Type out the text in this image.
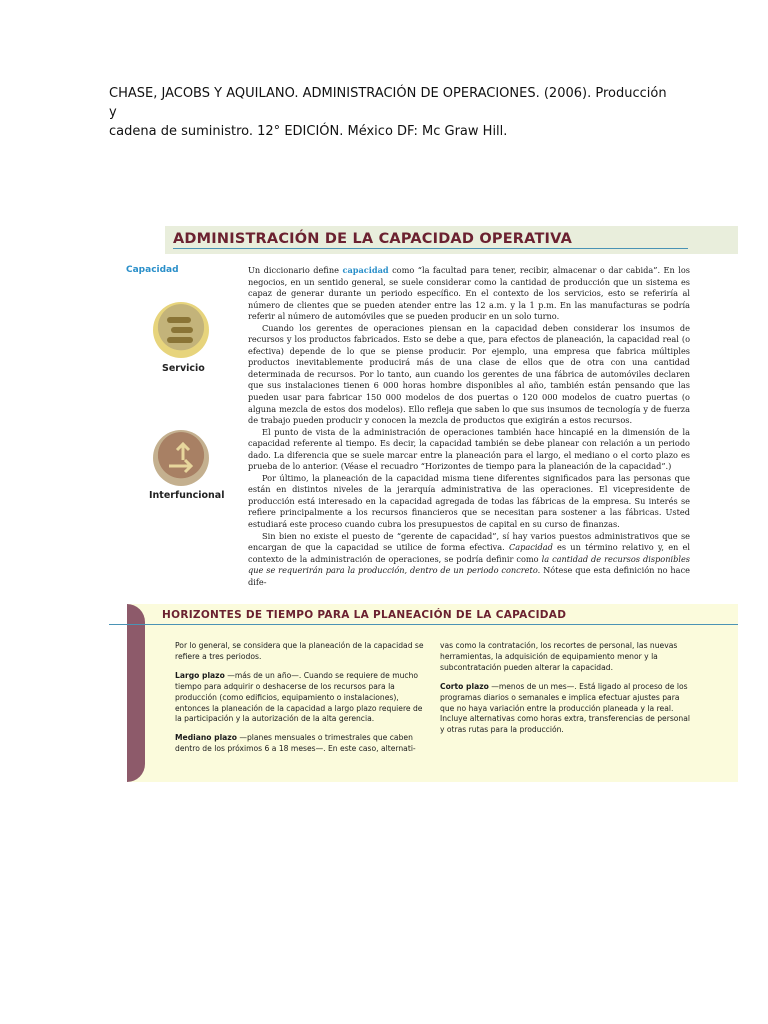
CHASE, JACOBS Y AQUILANO. ADMINISTRACIÓN DE OPERACIONES. (2006). Producción y
cadena de suministro. 12° EDICIÓN. México DF: Mc Graw Hill.
ADMINISTRACIÓN DE LA CAPACIDAD OPERATIVA
Capacidad
Servicio
Interfuncional

Un diccionario define capacidad como “la facultad para tener, recibir, almacenar o dar cabida”. En los negocios, en un sentido general, se suele considerar como la cantidad de producción que un sistema es capaz de generar durante un periodo específico. En el contexto de los servicios, esto se referiría al número de clientes que se pueden atender entre las 12 a.m. y la 1 p.m. En las manufacturas se podría referir al número de automóviles que se pueden producir en un solo turno.

Cuando los gerentes de operaciones piensan en la capacidad deben considerar los insumos de recursos y los productos fabricados. Esto se debe a que, para efectos de planeación, la capacidad real (o efectiva) depende de lo que se piense producir. Por ejemplo, una empresa que fabrica múltiples productos inevitablemente producirá más de una clase de ellos que de otra con una cantidad determinada de recursos. Por lo tanto, aun cuando los gerentes de una fábrica de automóviles declaren que sus instalaciones tienen 6 000 horas hombre disponibles al año, también están pensando que las pueden usar para fabricar 150 000 modelos de dos puertas o 120 000 modelos de cuatro puertas (o alguna mezcla de estos dos modelos). Ello refleja que saben lo que sus insumos de tecnología y de fuerza de trabajo pueden producir y conocen la mezcla de productos que exigirán a estos recursos.

El punto de vista de la administración de operaciones también hace hincapié en la dimensión de la capacidad referente al tiempo. Es decir, la capacidad también se debe planear con relación a un periodo dado. La diferencia que se suele marcar entre la planeación para el largo, el mediano o el corto plazo es prueba de lo anterior. (Véase el recuadro “Horizontes de tiempo para la planeación de la capacidad”.)

Por último, la planeación de la capacidad misma tiene diferentes significados para las personas que están en distintos niveles de la jerarquía administrativa de las operaciones. El vicepresidente de producción está interesado en la capacidad agregada de todas las fábricas de la empresa. Su interés se refiere principalmente a los recursos financieros que se necesitan para sostener a las fábricas. Usted estudiará este proceso cuando cubra los presupuestos de capital en su curso de finanzas.

Sin bien no existe el puesto de “gerente de capacidad”, sí hay varios puestos administrativos que se encargan de que la capacidad se utilice de forma efectiva. Capacidad es un término relativo y, en el contexto de la administración de operaciones, se podría definir como la cantidad de recursos disponibles que se requerirán para la producción, dentro de un periodo concreto. Nótese que esta definición no hace dife-

HORIZONTES DE TIEMPO PARA LA PLANEACIÓN DE LA CAPACIDAD

Por lo general, se considera que la planeación de la capacidad se refiere a tres periodos.

Largo plazo —más de un año—. Cuando se requiere de mucho tiempo para adquirir o deshacerse de los recursos para la producción (como edificios, equipamiento o instalaciones), entonces la planeación de la capacidad a largo plazo requiere de la participación y la autorización de la alta gerencia.

Mediano plazo —planes mensuales o trimestrales que caben dentro de los próximos 6 a 18 meses—. En este caso, alternati-

vas como la contratación, los recortes de personal, las nuevas herramientas, la adquisición de equipamiento menor y la subcontratación pueden alterar la capacidad.

Corto plazo —menos de un mes—. Está ligado al proceso de los programas diarios o semanales e implica efectuar ajustes para que no haya variación entre la producción planeada y la real. Incluye alternativas como horas extra, transferencias de personal y otras rutas para la producción.
